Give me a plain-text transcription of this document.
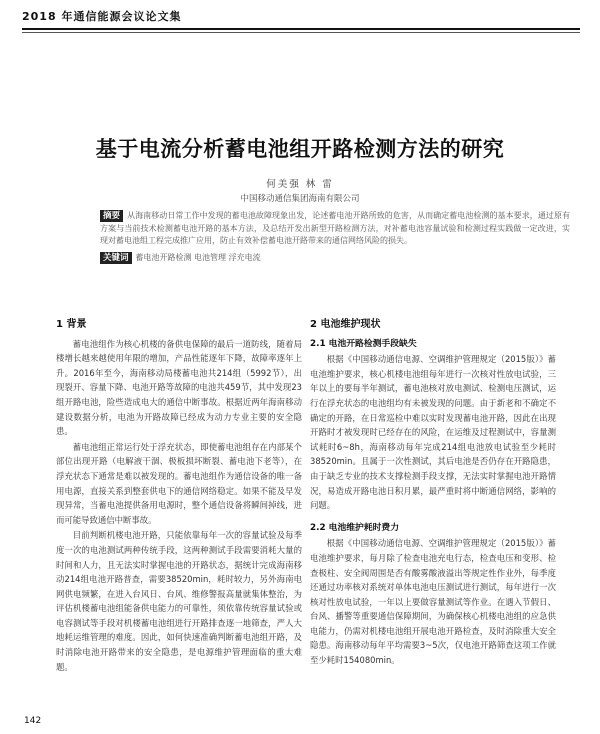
2018 年通信能源会议论文集
基于电流分析蓄电池组开路检测方法的研究
何美强 林 雷
中国移动通信集团海南有限公司
摘要 从海南移动日常工作中发现的蓄电池故障现象出发，论述蓄电池开路所致的危害，从而确定蓄电池检测的基本要求，通过原有方案与当前技术检测蓄电池开路的基本方法，及总结开发出新型开路检测方法，对补蓄电池容量试验和检测过程实践做一定改进，实现对蓄电池组工程完成推广应用，防止有效补偿蓄电池开路带来的通信网络风险的损失。
关键词 蓄电池开路检测 电池管理 浮充电流
1 背景

蓄电池组作为核心机楼的备供电保障的最后一道防线，随着局楼增长越来越使用年限的增加，产品性能逐年下降，故障率逐年上升。2016年至今，海南移动局楼蓄电池共214组（5992节），出现裂开、容量下降、电池开路等故障的电池共459节，其中发现23组开路电池，险些造成电大的通信中断事故。根据近两年海南移动建设数据分析，电池为开路故障已经成为动力专业主要的安全隐患。

蓄电池组正常运行处于浮充状态，即使蓄电池组存在内部某个部位出现开路（电解液干涸、极板损坏断裂、蓄电池下老等），在浮充状态下通常是难以被发现的。蓄电池组作为通信设备的唯一备用电源，直接关系到整套供电下的通信网络稳定。如果不能及早发现异常，当蓄电池提供备用电源时，整个通信设备将瞬间掉线，进而可能导致通信中断事故。

目前判断机楼电池开路，只能依靠每年一次的容量试验及每季度一次的电池测试两种传统手段，这两种测试手段需要消耗大量的时间和人力，且无法实时掌握电池的开路状态，据统计完成海南移动214组电池开路普查，需要38520min，耗时较力，另外海南电网供电频繁，在进入台风日、台风、维修警报高量就集体整治，为评估机楼蓄电池组能备供电能力的可靠性，须依靠传统容量试验或电容测试等手段对机楼蓄电池组进行开路排查逐一地筛查，严人大地耗运维管理的难度。因此，如何快速准确判断蓄电池组开路，及时消除电池开路带来的安全隐患，是电源维护管理面临的重大难题。

2 电池维护现状
2.1 电池开路检测手段缺失

根据《中国移动通信电源、空调维护管理规定（2015版）》蓄电池维护要求，核心机楼电池组每年进行一次核对性放电试验，三年以上的要每半年测试，蓄电池核对放电测试、检测电压测试，运行在浮充状态的电池组均有未被发现的问题。由于新老和不确定不确定的开路，在日常巡检中难以实时发现蓄电池开路，因此在出现开路时才被发现时已经存在的风险，在运维及过程测试中，容量测试耗时6~8h，海南移动每年完成214组电池放电试验至少耗时38520min。且属于一次性测试，其后电池是否仍存在开路隐患，由于缺乏专业的技术支撑检测手段支撑，无法实时掌握电池开路情况，易造成开路电池日积月累，最严重时将中断通信网络，影响的问题。

2.2 电池维护耗时费力

根据《中国移动通信电源、空调维护管理规定（2015版）》蓄电池维护要求，每月除了检查电池充电行态，检查电压和变形、检查极柱、安全阀周围是否有酸雾酸液溢出等规定性作业外，每季度还通过功率核对系统对单体电池电压测试进行测试，每年进行一次核对性放电试验，一年以上要做容量测试等作业。在遇入节假日、台风、播警等重要通信保障期间，为确保核心机楼电池组的应急供电能力，仍需对机楼电池组开展电池开路检查，及时消除重大安全隐患。海南移动每年平均需要3~5次，仅电池开路筛查这项工作就至少耗时154080min。

142
